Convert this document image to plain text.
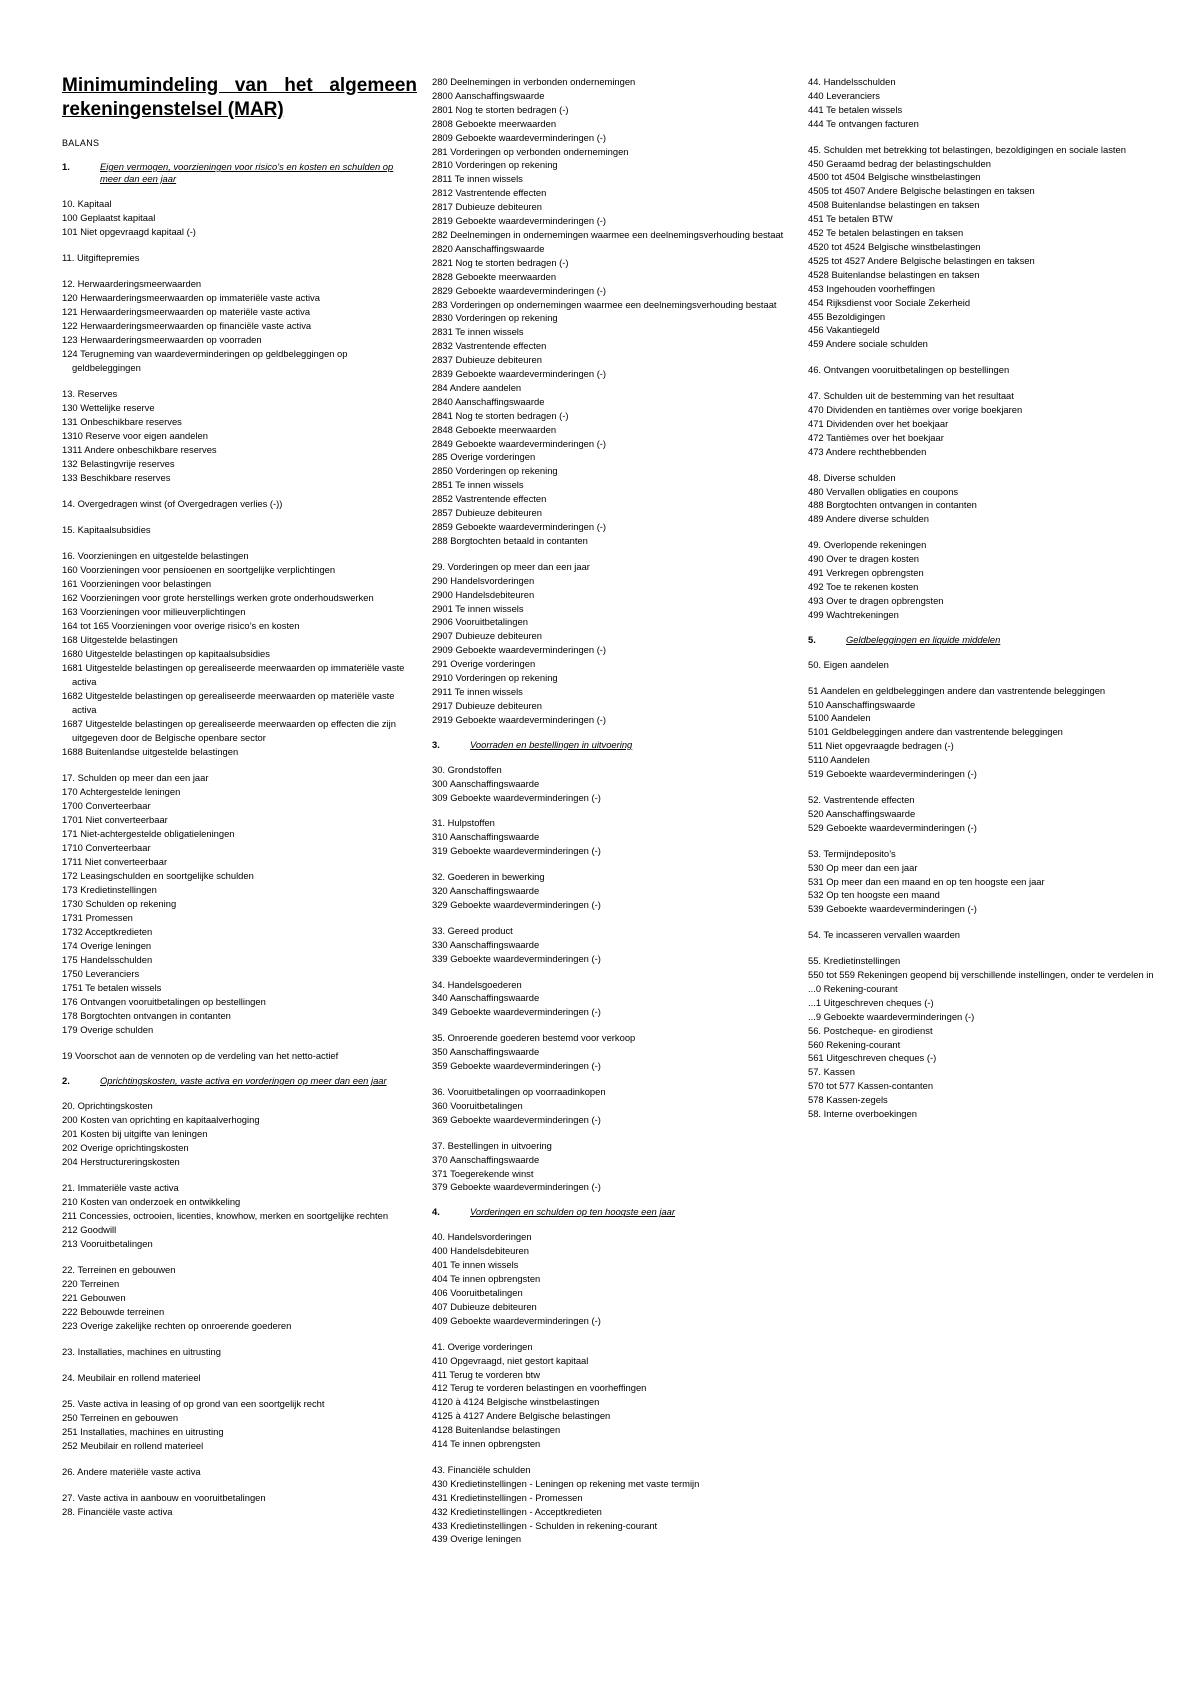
Minimumindeling van het algemeen rekeningenstelsel (MAR)
BALANS
1.	Eigen vermogen, voorzieningen voor risico’s en kosten en schulden op meer dan een jaar
10. Kapitaal
100 Geplaatst kapitaal
101 Niet opgevraagd kapitaal (-)
11. Uitgiftepremies
12. Herwaarderingsmeerwaarden
120 Herwaarderingsmeerwaarden op immateriële vaste activa
121 Herwaarderingsmeerwaarden op materiële vaste activa
122 Herwaarderingsmeerwaarden op financiële vaste activa
123 Herwaarderingsmeerwaarden op voorraden
124 Terugneming van waardeverminderingen op geldbeleggingen op geldbeleggingen
13. Reserves
130 Wettelijke reserve
131 Onbeschikbare reserves
1310 Reserve voor eigen aandelen
1311 Andere onbeschikbare reserves
132 Belastingvrije reserves
133 Beschikbare reserves
14. Overgedragen winst (of Overgedragen verlies (-))
15. Kapitaalsubsidies
16. Voorzieningen en uitgestelde belastingen
160 Voorzieningen voor pensioenen en soortgelijke verplichtingen
161 Voorzieningen voor belastingen
162 Voorzieningen voor grote herstellings werken grote onderhoudswerken
163 Voorzieningen voor milieuverplichtingen
164 tot 165 Voorzieningen voor overige risico’s en kosten
168 Uitgestelde belastingen
1680 Uitgestelde belastingen op kapitaalsubsidies
1681 Uitgestelde belastingen op gerealiseerde meerwaarden op immateriële vaste activa
1682 Uitgestelde belastingen op gerealiseerde meerwaarden op materiële vaste activa
1687 Uitgestelde belastingen op gerealiseerde meerwaarden op effecten die zijn uitgegeven door de Belgische openbare sector
1688 Buitenlandse uitgestelde belastingen
17. Schulden op meer dan een jaar
170 Achtergestelde leningen
1700 Converteerbaar
1701 Niet converteerbaar
171 Niet-achtergestelde obligatieleningen
1710 Converteerbaar
1711 Niet converteerbaar
172 Leasingschulden en soortgelijke schulden
173 Kredietinstellingen
1730 Schulden op rekening
1731 Promessen
1732 Acceptkredieten
174 Overige leningen
175 Handelsschulden
1750 Leveranciers
1751 Te betalen wissels
176 Ontvangen vooruitbetalingen op bestellingen
178 Borgtochten ontvangen in contanten
179 Overige schulden
19 Voorschot aan de vennoten op de verdeling van het netto-actief
2.	Oprichtingskosten, vaste activa en vorderingen op meer dan een jaar
20. Oprichtingskosten
200 Kosten van oprichting en kapitaalverhoging
201 Kosten bij uitgifte van leningen
202 Overige oprichtingskosten
204 Herstructureringskosten
21. Immateriële vaste activa
210 Kosten van onderzoek en ontwikkeling
211 Concessies, octrooien, licenties, knowhow, merken en soortgelijke rechten
212 Goodwill
213 Vooruitbetalingen
22. Terreinen en gebouwen
220 Terreinen
221 Gebouwen
222 Bebouwde terreinen
223 Overige zakelijke rechten op onroerende goederen
23. Installaties, machines en uitrusting
24. Meubilair en rollend materieel
25. Vaste activa in leasing of op grond van een soortgelijk recht
250 Terreinen en gebouwen
251 Installaties, machines en uitrusting
252 Meubilair en rollend materieel
26. Andere materiële vaste activa
27. Vaste activa in aanbouw en vooruitbetalingen
28. Financiële vaste activa
280 Deelnemingen in verbonden ondernemingen
2800 Aanschaffingswaarde
2801 Nog te storten bedragen (-)
2808 Geboekte meerwaarden
2809 Geboekte waardeverminderingen (-)
281 Vorderingen op verbonden ondernemingen
2810 Vorderingen op rekening
2811 Te innen wissels
2812 Vastrentende effecten
2817 Dubieuze debiteuren
2819 Geboekte waardeverminderingen (-)
282 Deelnemingen in ondernemingen waarmee een deelnemingsverhouding bestaat
2820 Aanschaffingswaarde
2821 Nog te storten bedragen (-)
2828 Geboekte meerwaarden
2829 Geboekte waardeverminderingen (-)
283 Vorderingen op ondernemingen waarmee een deelnemingsverhouding bestaat
2830 Vorderingen op rekening
2831 Te innen wissels
2832 Vastrentende effecten
2837 Dubieuze debiteuren
2839 Geboekte waardeverminderingen (-)
284 Andere aandelen
2840 Aanschaffingswaarde
2841 Nog te storten bedragen (-)
2848 Geboekte meerwaarden
2849 Geboekte waardeverminderingen (-)
285 Overige vorderingen
2850 Vorderingen op rekening
2851 Te innen wissels
2852 Vastrentende effecten
2857 Dubieuze debiteuren
2859 Geboekte waardeverminderingen (-)
288 Borgtochten betaald in contanten
29. Vorderingen op meer dan een jaar
290 Handelsvorderingen
2900 Handelsdebiteuren
2901 Te innen wissels
2906 Vooruitbetalingen
2907 Dubieuze debiteuren
2909 Geboekte waardeverminderingen (-)
291 Overige vorderingen
2910 Vorderingen op rekening
2911 Te innen wissels
2917 Dubieuze debiteuren
2919 Geboekte waardeverminderingen (-)
3.	Voorraden en bestellingen in uitvoering
30. Grondstoffen
300 Aanschaffingswaarde
309 Geboekte waardeverminderingen (-)
31. Hulpstoffen
310 Aanschaffingswaarde
319 Geboekte waardeverminderingen (-)
32. Goederen in bewerking
320 Aanschaffingswaarde
329 Geboekte waardeverminderingen (-)
33. Gereed product
330 Aanschaffingswaarde
339 Geboekte waardeverminderingen (-)
34. Handelsgoederen
340 Aanschaffingswaarde
349 Geboekte waardeverminderingen (-)
35. Onroerende goederen bestemd voor verkoop
350 Aanschaffingswaarde
359 Geboekte waardeverminderingen (-)
36. Vooruitbetalingen op voorraadinkopen
360 Vooruitbetalingen
369 Geboekte waardeverminderingen (-)
37. Bestellingen in uitvoering
370 Aanschaffingswaarde
371 Toegerekende winst
379 Geboekte waardeverminderingen (-)
4.	Vorderingen en schulden op ten hoogste een jaar
40. Handelsvorderingen
400 Handelsdebiteuren
401 Te innen wissels
404 Te innen opbrengsten
406 Vooruitbetalingen
407 Dubieuze debiteuren
409 Geboekte waardeverminderingen (-)
41. Overige vorderingen
410 Opgevraagd, niet gestort kapitaal
411 Terug te vorderen btw
412 Terug te vorderen belastingen en voorheffingen
4120 à 4124 Belgische winstbelastingen
4125 à 4127 Andere Belgische belastingen
4128 Buitenlandse belastingen
414 Te innen opbrengsten
43. Financiële schulden
430 Kredietinstellingen - Leningen op rekening met vaste termijn
431 Kredietinstellingen - Promessen
432 Kredietinstellingen - Acceptkredieten
433 Kredietinstellingen - Schulden in rekening-courant
439 Overige leningen
44. Handelsschulden
440 Leveranciers
441 Te betalen wissels
444 Te ontvangen facturen
45. Schulden met betrekking tot belastingen, bezoldigingen en sociale lasten
450 Geraamd bedrag der belastingschulden
4500 tot 4504 Belgische winstbelastingen
4505 tot 4507 Andere Belgische belastingen en taksen
4508 Buitenlandse belastingen en taksen
451 Te betalen BTW
452 Te betalen belastingen en taksen
4520 tot 4524 Belgische winstbelastingen
4525 tot 4527 Andere Belgische belastingen en taksen
4528 Buitenlandse belastingen en taksen
453 Ingehouden voorheffingen
454 Rijksdienst voor Sociale Zekerheid
455 Bezoldigingen
456 Vakantiegeld
459 Andere sociale schulden
46. Ontvangen vooruitbetalingen op bestellingen
47. Schulden uit de bestemming van het resultaat
470 Dividenden en tantièmes over vorige boekjaren
471 Dividenden over het boekjaar
472 Tantièmes over het boekjaar
473 Andere rechthebbenden
48. Diverse schulden
480 Vervallen obligaties en coupons
488 Borgtochten ontvangen in contanten
489 Andere diverse schulden
49. Overlopende rekeningen
490 Over te dragen kosten
491 Verkregen opbrengsten
492 Toe te rekenen kosten
493 Over te dragen opbrengsten
499 Wachtrekeningen
5.	Geldbeleggingen en liquide middelen
50. Eigen aandelen
51 Aandelen en geldbeleggingen andere dan vastrentende beleggingen
510 Aanschaffingswaarde
5100 Aandelen
5101 Geldbeleggingen andere dan vastrentende beleggingen
511 Niet opgevraagde bedragen (-)
5110 Aandelen
519 Geboekte waardeverminderingen (-)
52. Vastrentende effecten
520 Aanschaffingswaarde
529 Geboekte waardeverminderingen (-)
53. Termijndeposito’s
530 Op meer dan een jaar
531 Op meer dan een maand en op ten hoogste een jaar
532 Op ten hoogste een maand
539 Geboekte waardeverminderingen (-)
54. Te incasseren vervallen waarden
55. Kredietinstellingen
550 tot 559 Rekeningen geopend bij verschillende instellingen, onder te verdelen in
...0 Rekening-courant
...1 Uitgeschreven cheques (-)
...9 Geboekte waardeverminderingen (-)
56. Postcheque- en girodienst
560 Rekening-courant
561 Uitgeschreven cheques (-)
57. Kassen
570 tot 577 Kassen-contanten
578 Kassen-zegels
58. Interne overboekingen
